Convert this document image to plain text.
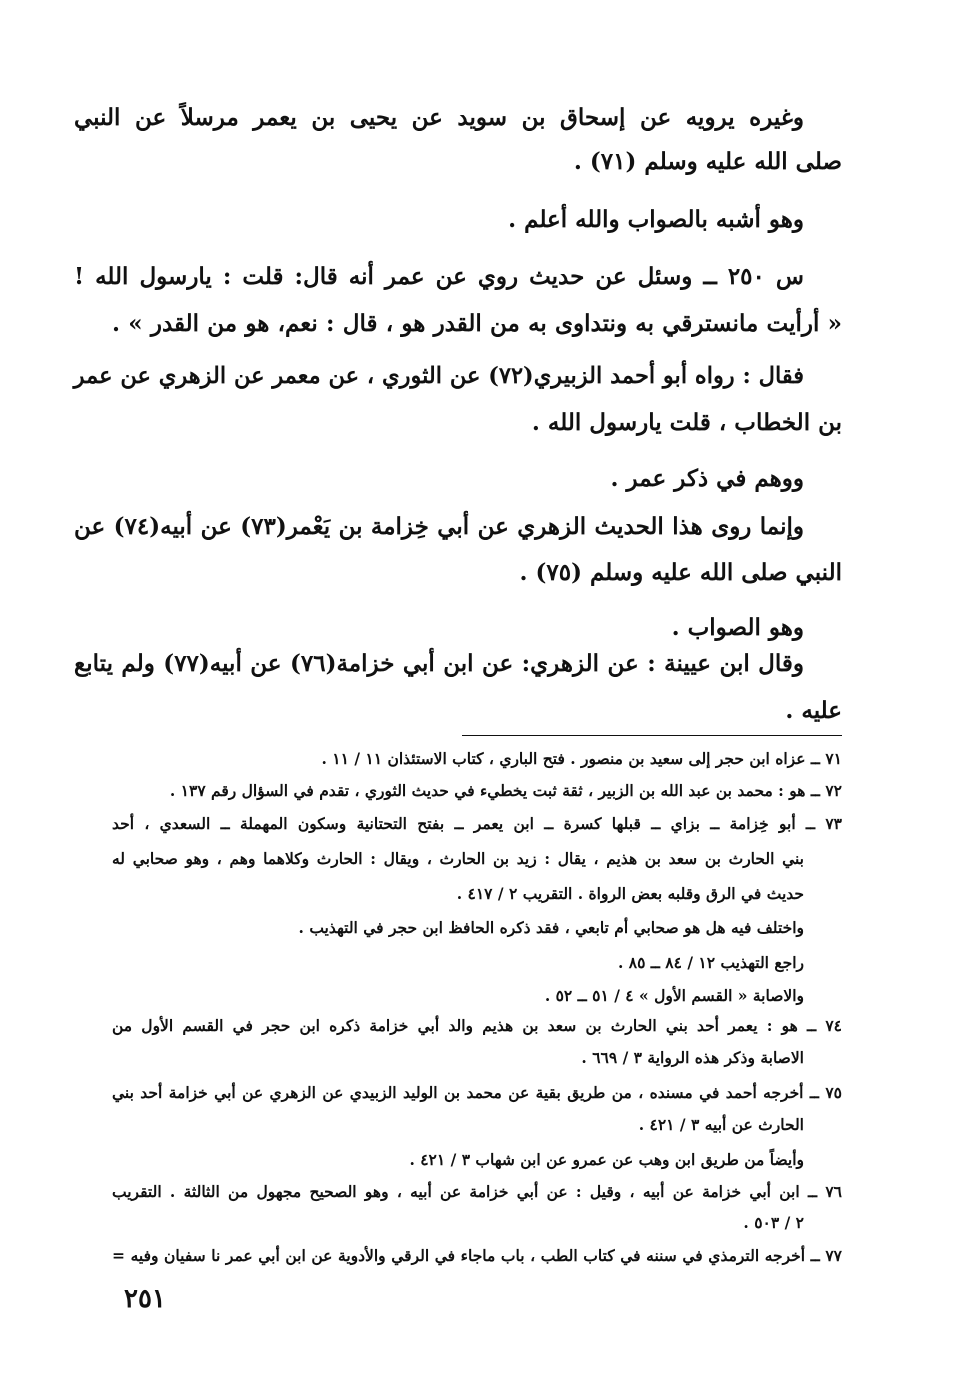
وغيره يرويه عن إسحاق بن سويد عن يحيى بن يعمر مرسلاً عن النبي
صلى الله عليه وسلم (٧١) .
وهو أشبه بالصواب والله أعلم .
س ٢٥٠ ــ وسئل عن حديث روي عن عمر أنه قال: قلت : يارسول الله !
« أرأيت مانسترقي به ونتداوى به من القدر هو ، قال : نعم، هو من القدر » .
فقال : رواه أبو أحمد الزبيري(٧٢) عن الثوري ، عن معمر عن الزهري عن عمر
بن الخطاب ، قلت يارسول الله .
ووهم في ذكر عمر .
وإنما روى هذا الحديث الزهري عن أبي خِزامة بن يَعْمر(٧٣) عن أبيه(٧٤) عن
النبي صلى الله عليه وسلم (٧٥) .
وهو الصواب .
وقال ابن عيينة : عن الزهري: عن ابن أبي خزامة(٧٦) عن أبيه(٧٧) ولم يتابع
عليه .
٧١ ــ عزاه ابن حجر إلى سعيد بن منصور . فتح الباري ، كتاب الاستئذان ١١ / ١١ .
٧٢ ــ هو : محمد بن عبد الله بن الزبير ، ثقة ثبت يخطيء في حديث الثوري ، تقدم في السؤال رقم ١٣٧ .
٧٣ ــ أبو خِزامة ــ بزاي ــ قبلها كسرة ــ ابن يعمر ــ بفتح التحتانية وسكون المهملة ــ السعدي ، أحد
بني الحارث بن سعد بن هذيم ، يقال : زيد بن الحارث ، ويقال : الحارث وكلاهما وهم ، وهو صحابي له
حديث في الرق وقلبه بعض الرواة . التقريب ٢ / ٤١٧ .
واختلف فيه هل هو صحابي أم تابعي ، فقد ذكره الحافظ ابن حجر في التهذيب .
راجع التهذيب ١٢ / ٨٤ ــ ٨٥ .
والاصابة « القسم الأول » ٤ / ٥١ ــ ٥٢ .
٧٤ ــ هو : يعمر أحد بني الحارث بن سعد بن هذيم والد أبي خزامة ذكره ابن حجر في القسم الأول من
الاصابة وذكر هذه الرواية ٣ / ٦٦٩ .
٧٥ ــ أخرجه أحمد في مسنده ، من طريق بقية عن محمد بن الوليد الزبيدي عن الزهري عن أبي خزامة أحد بني
الحارث عن أبيه ٣ / ٤٢١ .
وأيضاً من طريق ابن وهب عن عمرو عن ابن شهاب ٣ / ٤٢١ .
٧٦ ــ ابن أبي خزامة عن أبيه ، وقيل : عن أبي خزامة عن أبيه ، وهو الصحيح مجهول من الثالثة . التقريب
٢ / ٥٠٣ .
٧٧ ــ أخرجه الترمذي في سننه في كتاب الطب ، باب ماجاء في الرقي والأدوية عن ابن أبي عمر نا سفيان وفيه =
٢٥١
